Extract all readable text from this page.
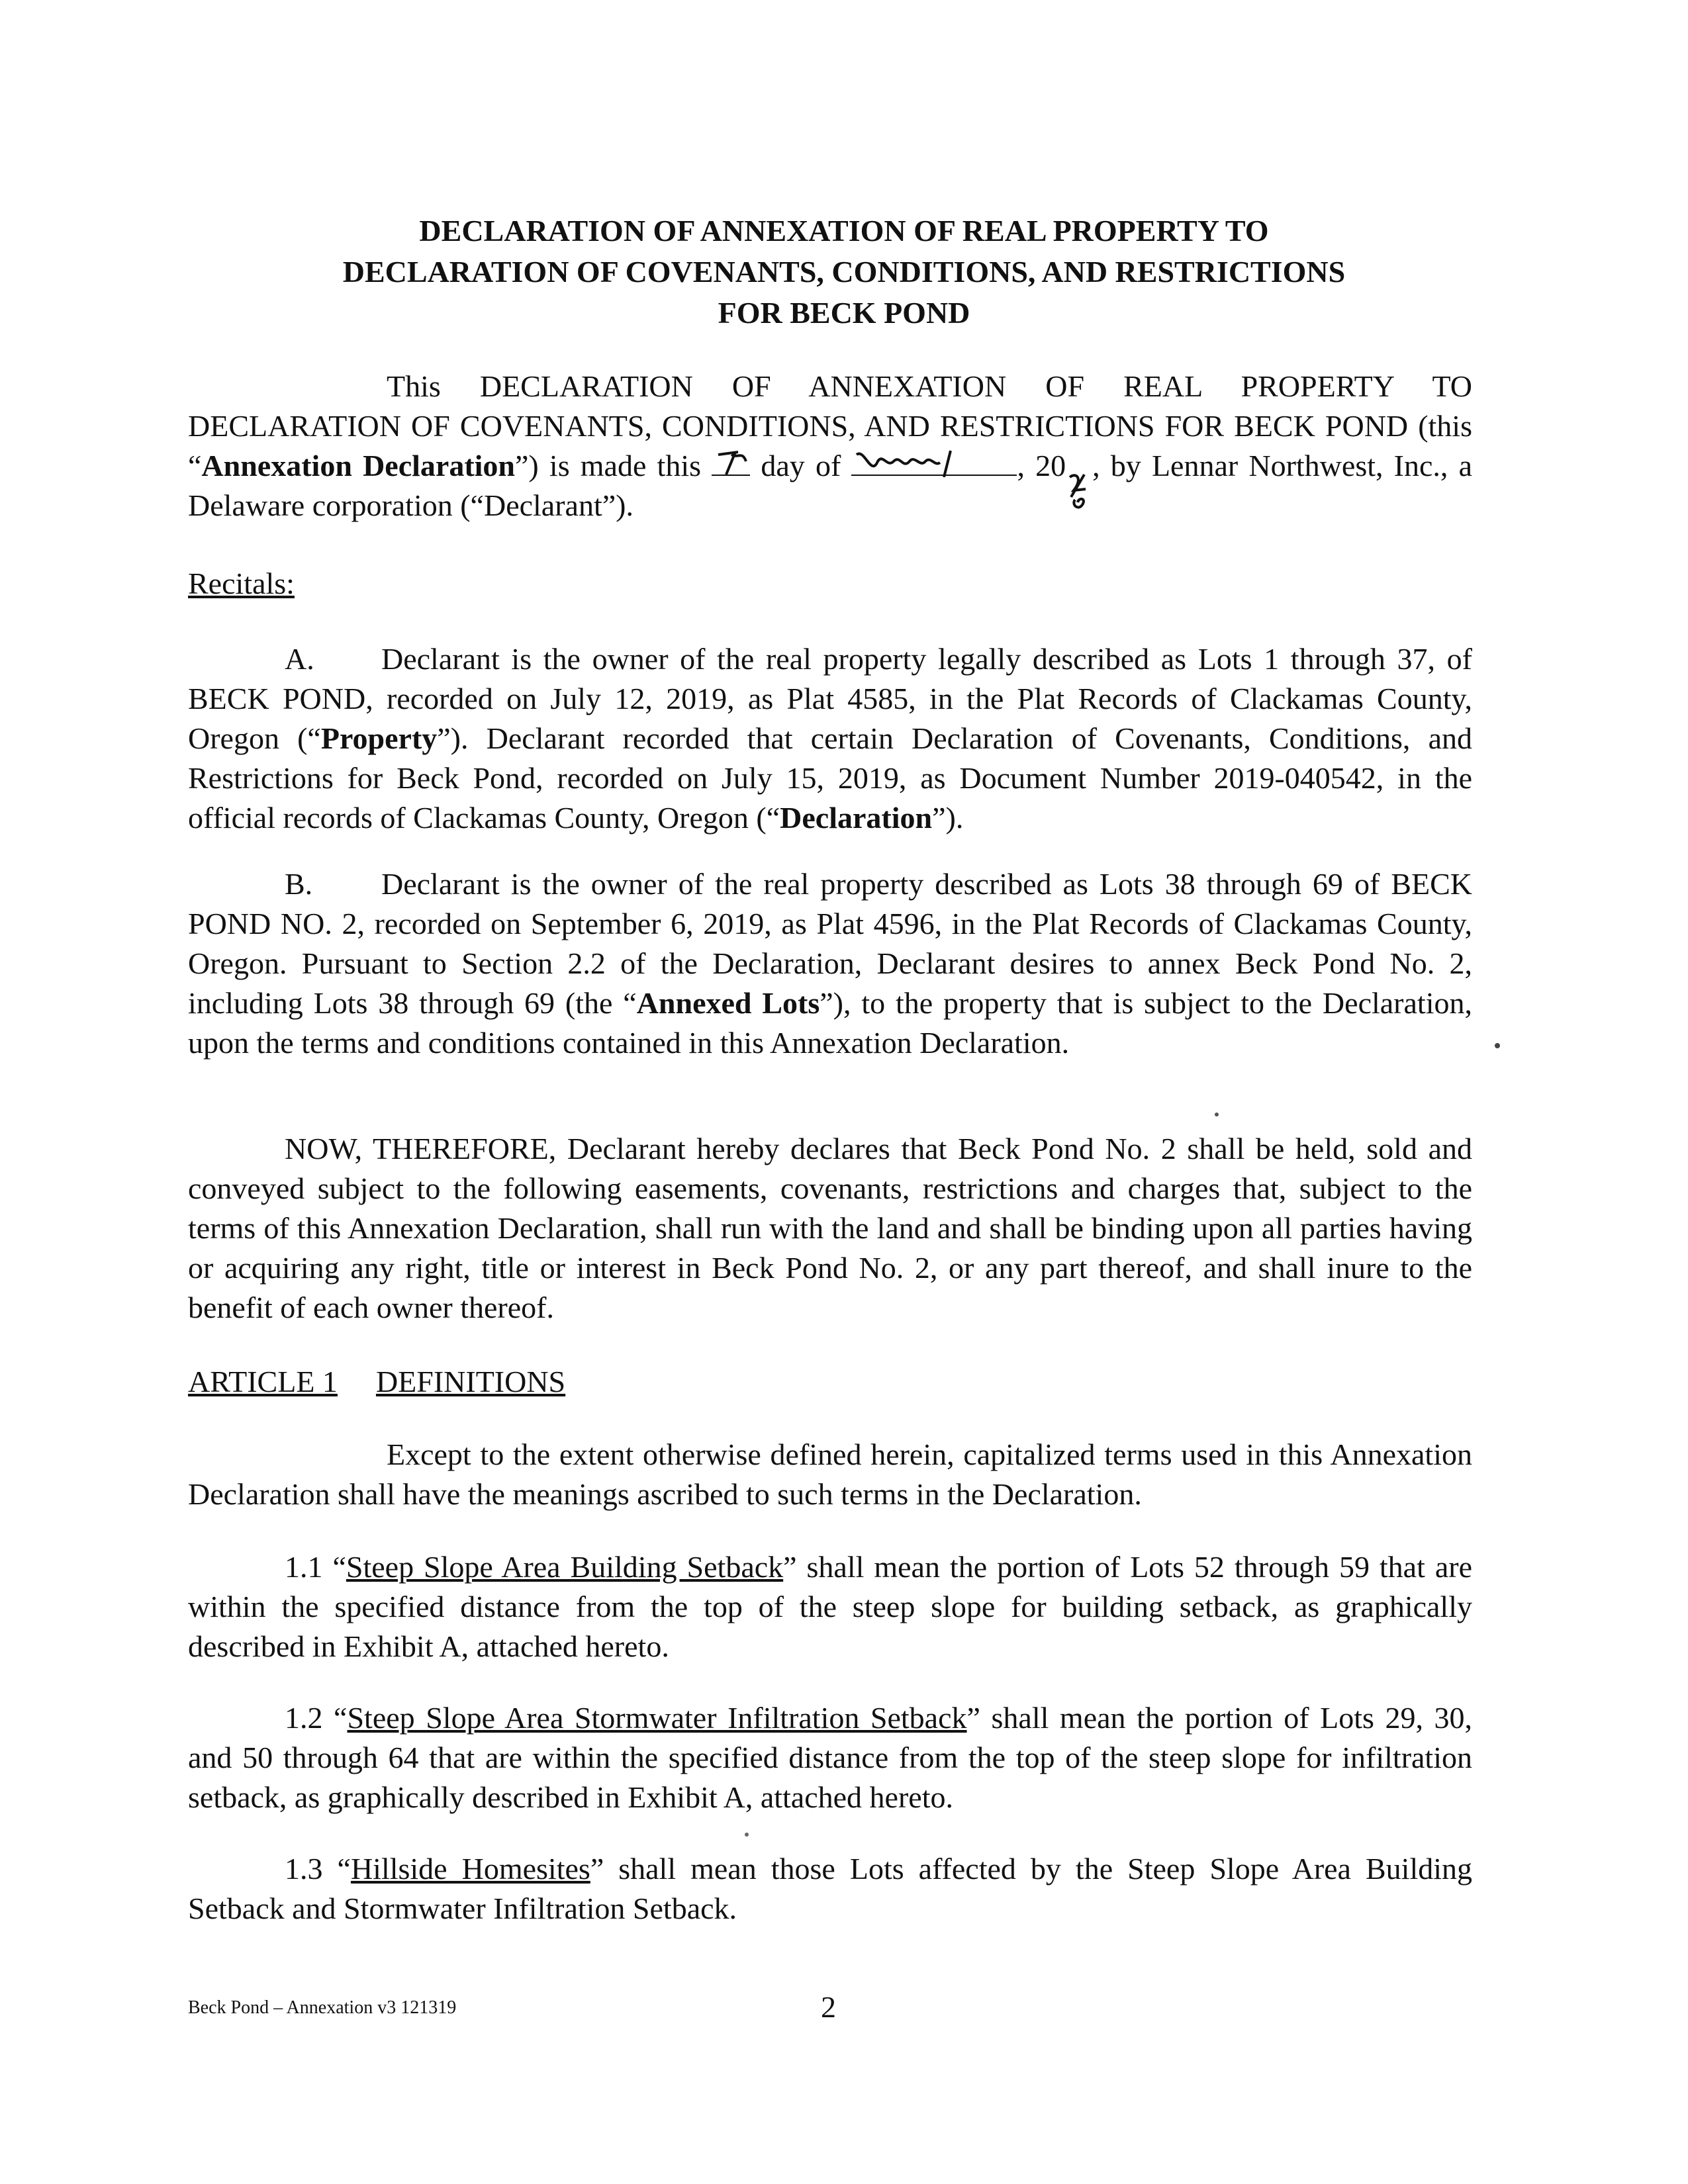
DECLARATION OF ANNEXATION OF REAL PROPERTY TO
DECLARATION OF COVENANTS, CONDITIONS, AND RESTRICTIONS
FOR BECK POND
This DECLARATION OF ANNEXATION OF REAL PROPERTY TO DECLARATION OF COVENANTS, CONDITIONS, AND RESTRICTIONS FOR BECK POND (this “Annexation Declaration”) is made this
day of	, 20 , by Lennar Northwest, Inc., a Delaware corporation (“Declarant”).
Recitals:
A. Declarant is the owner of the real property legally described as Lots 1 through 37, of BECK POND, recorded on July 12, 2019, as Plat 4585, in the Plat Records of Clackamas County, Oregon (“Property”). Declarant recorded that certain Declaration of Covenants, Conditions, and Restrictions for Beck Pond, recorded on July 15, 2019, as Document Number 2019-040542, in the official records of Clackamas County, Oregon (“Declaration”).
B. Declarant is the owner of the real property described as Lots 38 through 69 of BECK POND NO. 2, recorded on September 6, 2019, as Plat 4596, in the Plat Records of Clackamas County, Oregon. Pursuant to Section 2.2 of the Declaration, Declarant desires to annex Beck Pond No. 2, including Lots 38 through 69 (the “Annexed Lots”), to the property that is subject to the Declaration, upon the terms and conditions contained in this Annexation Declaration.
NOW, THEREFORE, Declarant hereby declares that Beck Pond No. 2 shall be held, sold and conveyed subject to the following easements, covenants, restrictions and charges that, subject to the terms of this Annexation Declaration, shall run with the land and shall be binding upon all parties having or acquiring any right, title or interest in Beck Pond No. 2, or any part thereof, and shall inure to the benefit of each owner thereof.
ARTICLE 1 DEFINITIONS
Except to the extent otherwise defined herein, capitalized terms used in this Annexation Declaration shall have the meanings ascribed to such terms in the Declaration.
1.1 “Steep Slope Area Building Setback” shall mean the portion of Lots 52 through 59 that are within the specified distance from the top of the steep slope for building setback, as graphically described in Exhibit A, attached hereto.
1.2 “Steep Slope Area Stormwater Infiltration Setback” shall mean the portion of Lots 29, 30, and 50 through 64 that are within the specified distance from the top of the steep slope for infiltration setback, as graphically described in Exhibit A, attached hereto.
1.3 “Hillside Homesites” shall mean those Lots affected by the Steep Slope Area Building Setback and Stormwater Infiltration Setback.
Beck Pond – Annexation v3 121319	2
